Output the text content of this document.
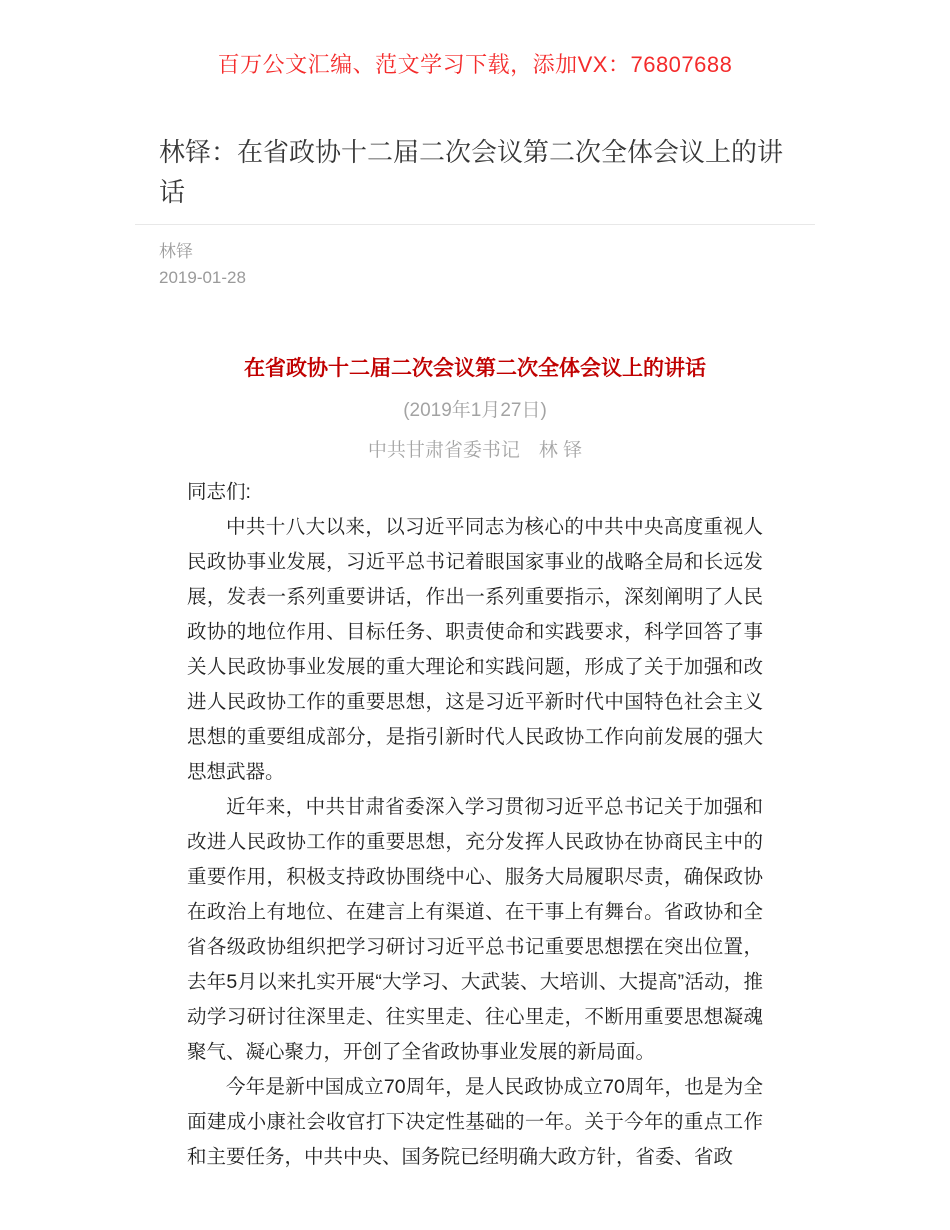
百万公文汇编、范文学习下载，添加VX：76807688
林铎：在省政协十二届二次会议第二次全体会议上的讲话
林铎
2019-01-28
在省政协十二届二次会议第二次全体会议上的讲话
(2019年1月27日)
中共甘肃省委书记　林 铎

同志们:

中共十八大以来，以习近平同志为核心的中共中央高度重视人民政协事业发展，习近平总书记着眼国家事业的战略全局和长远发展，发表一系列重要讲话，作出一系列重要指示，深刻阐明了人民政协的地位作用、目标任务、职责使命和实践要求，科学回答了事关人民政协事业发展的重大理论和实践问题，形成了关于加强和改进人民政协工作的重要思想，这是习近平新时代中国特色社会主义思想的重要组成部分，是指引新时代人民政协工作向前发展的强大思想武器。

近年来，中共甘肃省委深入学习贯彻习近平总书记关于加强和改进人民政协工作的重要思想，充分发挥人民政协在协商民主中的重要作用，积极支持政协围绕中心、服务大局履职尽责，确保政协在政治上有地位、在建言上有渠道、在干事上有舞台。省政协和全省各级政协组织把学习研讨习近平总书记重要思想摆在突出位置，去年5月以来扎实开展“大学习、大武装、大培训、大提高”活动，推动学习研讨往深里走、往实里走、往心里走，不断用重要思想凝魂聚气、凝心聚力，开创了全省政协事业发展的新局面。

今年是新中国成立70周年，是人民政协成立70周年，也是为全面建成小康社会收官打下决定性基础的一年。关于今年的重点工作和主要任务，中共中央、国务院已经明确大政方针，省委、省政
